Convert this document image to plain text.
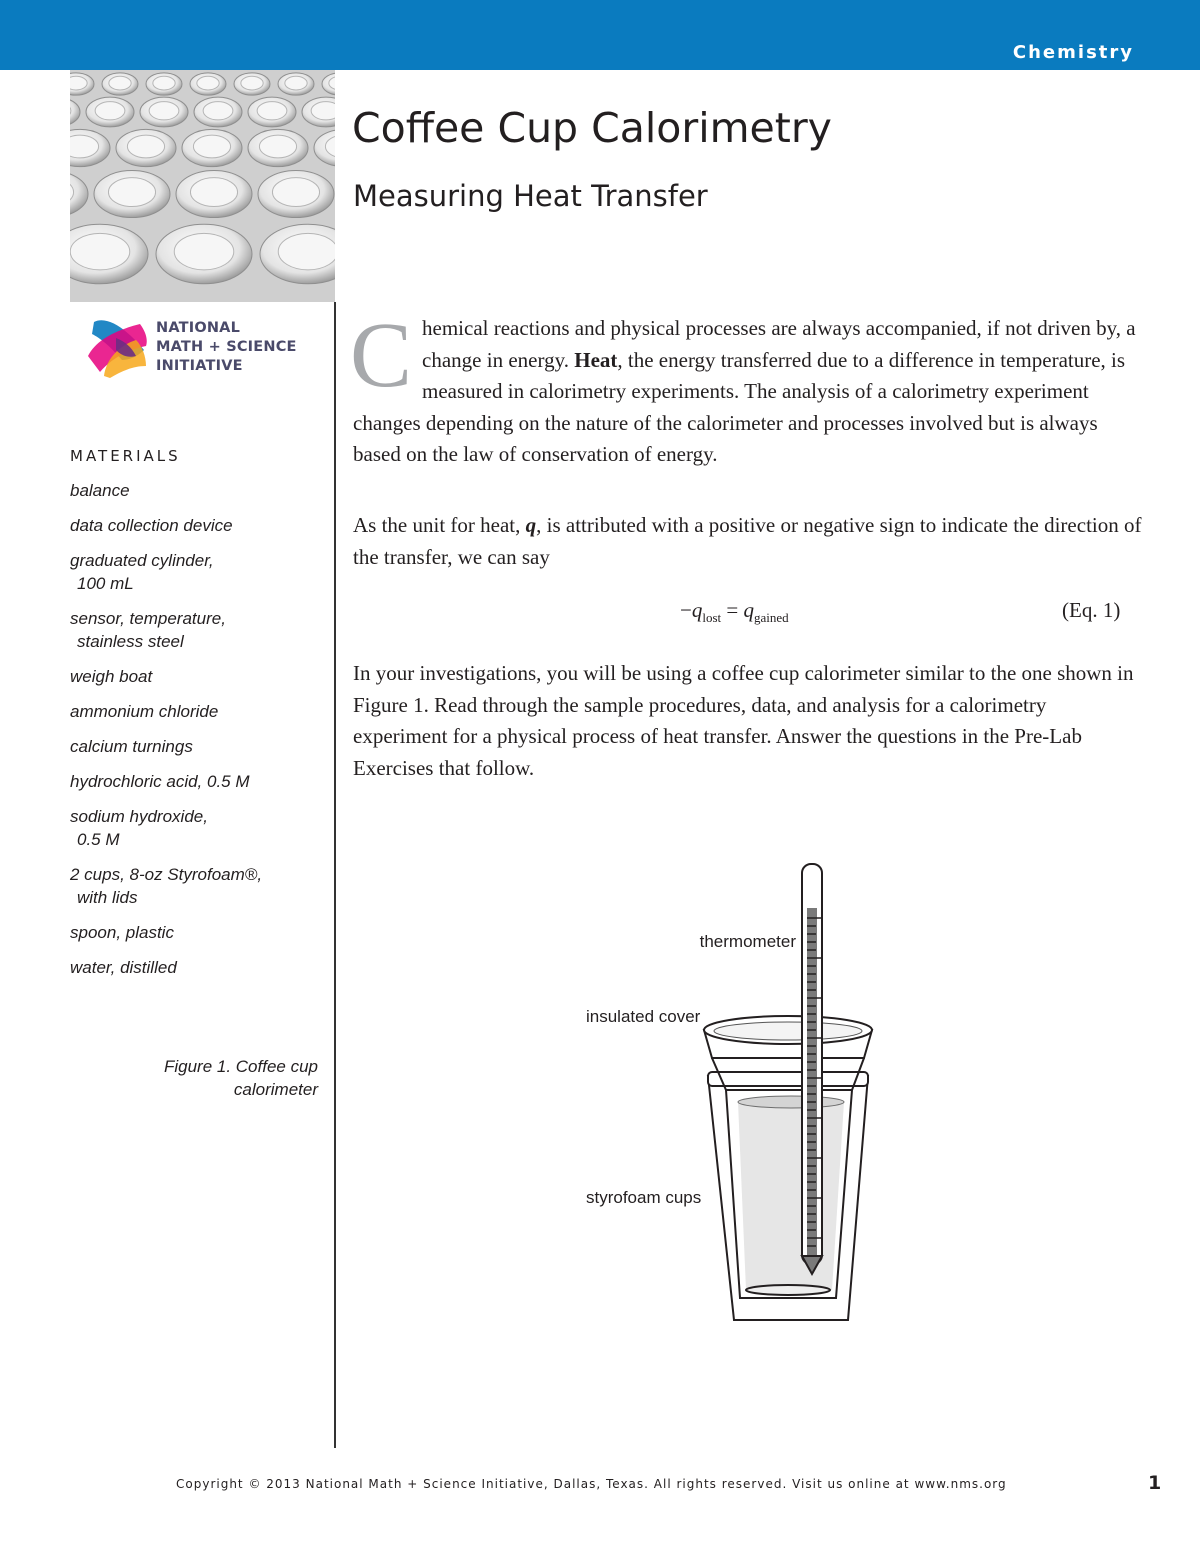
Chemistry
NATIONAL
MATH + SCIENCE
INITIATIVE
MATERIALS
balance
data collection device
graduated cylinder,
100 mL
sensor, temperature,
stainless steel
weigh boat
ammonium chloride
calcium turnings
hydrochloric acid, 0.5 M
sodium hydroxide,
0.5 M
2 cups, 8-oz Styrofoam®,
with lids
spoon, plastic
water, distilled
Figure 1. Coffee cup
calorimeter
Coffee Cup Calorimetry
Measuring Heat Transfer
Chemical reactions and physical processes are always accompanied, if not driven by, a change in energy. Heat, the energy transferred due to a difference in temperature, is measured in calorimetry experiments. The analysis of a calorimetry experiment changes depending on the nature of the calorimeter and processes involved but is always based on the law of conservation of energy.
As the unit for heat, q, is attributed with a positive or negative sign to indicate the direction of the transfer, we can say
$-q_{lost} = q_{gained}$	(Eq. 1)
In your investigations, you will be using a coffee cup calorimeter similar to the one shown in Figure 1. Read through the sample procedures, data, and analysis for a calorimetry experiment for a physical process of heat transfer. Answer the questions in the Pre-Lab Exercises that follow.
thermometer
insulated cover
styrofoam cups
Copyright © 2013 National Math + Science Initiative, Dallas, Texas. All rights reserved. Visit us online at www.nms.org	1
